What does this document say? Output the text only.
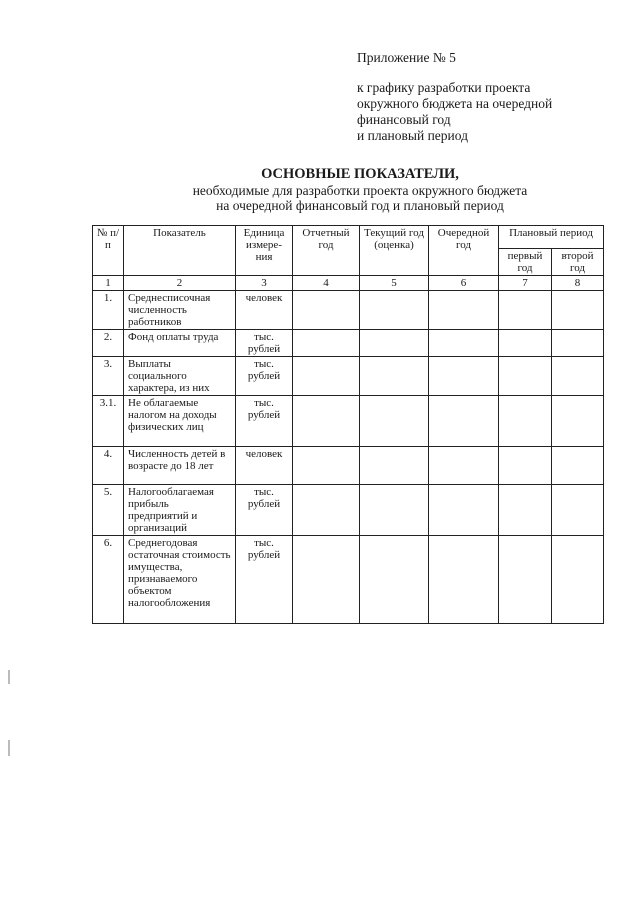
Приложение № 5
к графику разработки проекта
окружного бюджета на очередной
финансовый год
и плановый период
ОСНОВНЫЕ ПОКАЗАТЕЛИ,
необходимые для разработки проекта окружного бюджета
на очередной финансовый год и плановый период
№ п/п	Показатель	Единица измере-ния	Отчетный год	Текущий год (оценка)	Очередной год	Плановый период	
						первый год	второй год
1	2	3	4	5	6	7	8
1.	Среднесписочная численность работников	человек					
2.	Фонд оплаты труда	тыс. рублей					
3.	Выплаты социального характера, из них	тыс. рублей					
3.1.	Не облагаемые налогом на доходы физических лиц	тыс. рублей					
4.	Численность детей в возрасте до 18 лет	человек					
5.	Налогооблагаемая прибыль предприятий и организаций	тыс. рублей					
6.	Среднегодовая остаточная стоимость имущества, признаваемого объектом налогообложения	тыс. рублей					
